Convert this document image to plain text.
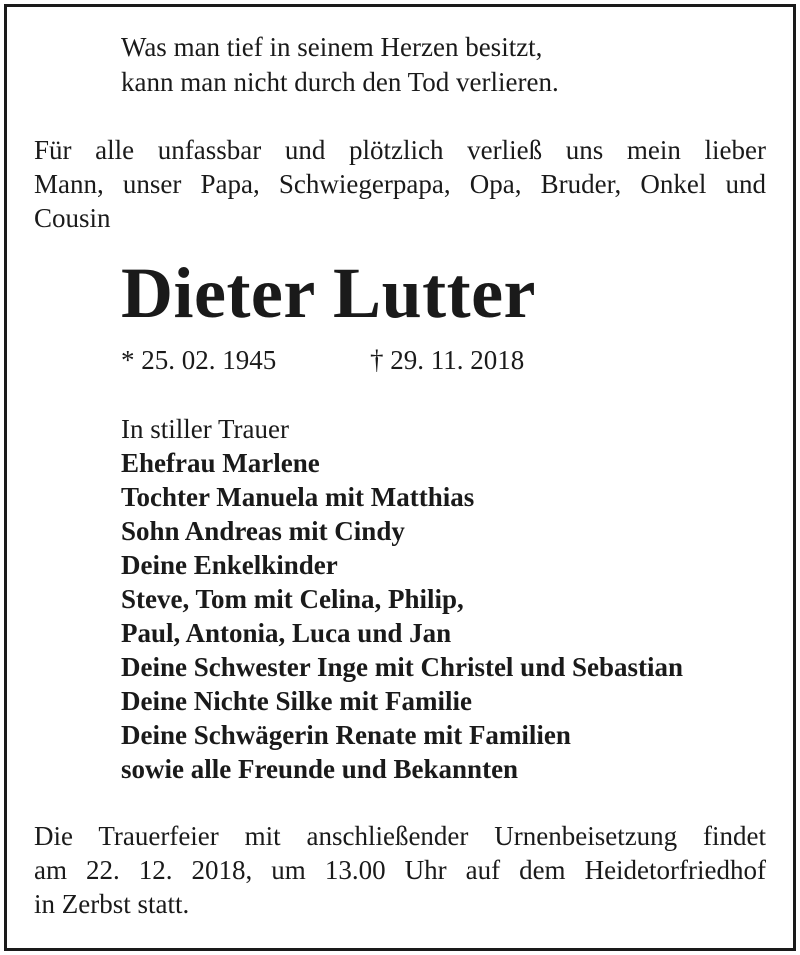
Was man tief in seinem Herzen besitzt,
kann man nicht durch den Tod verlieren.
Für alle unfassbar und plötzlich verließ uns mein lieber
Mann, unser Papa, Schwiegerpapa, Opa, Bruder, Onkel und
Cousin
Dieter Lutter
* 25. 02. 1945	† 29. 11. 2018
In stiller Trauer
Ehefrau Marlene
Tochter Manuela mit Matthias
Sohn Andreas mit Cindy
Deine Enkelkinder
Steve, Tom mit Celina, Philip,
Paul, Antonia, Luca und Jan
Deine Schwester Inge mit Christel und Sebastian
Deine Nichte Silke mit Familie
Deine Schwägerin Renate mit Familien
sowie alle Freunde und Bekannten
Die Trauerfeier mit anschließender Urnenbeisetzung findet
am 22. 12. 2018, um 13.00 Uhr auf dem Heidetorfriedhof
in Zerbst statt.
